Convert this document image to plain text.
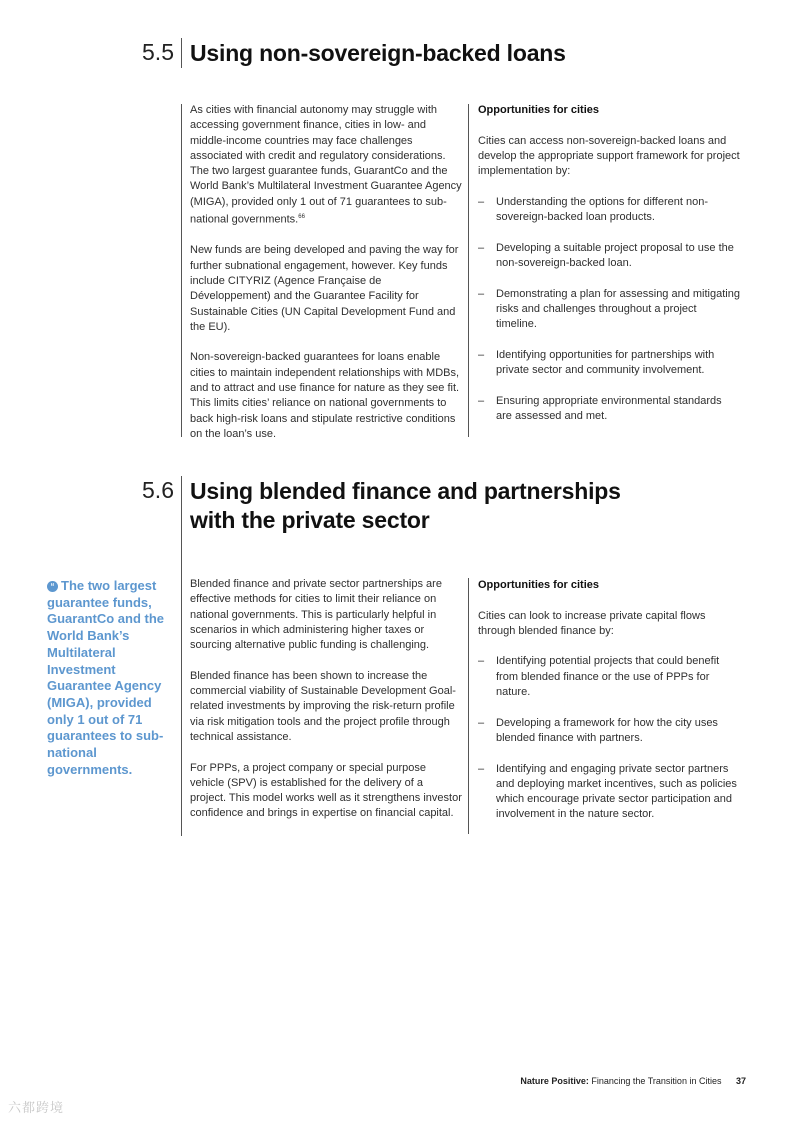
5.5 Using non-sovereign-backed loans

As cities with financial autonomy may struggle with accessing government finance, cities in low- and middle-income countries may face challenges associated with credit and regulatory considerations. The two largest guarantee funds, GuarantCo and the World Bank’s Multilateral Investment Guarantee Agency (MIGA), provided only 1 out of 71 guarantees to sub-national governments.$^{66}$

New funds are being developed and paving the way for further subnational engagement, however. Key funds include CITYRIZ (Agence Française de Développement) and the Guarantee Facility for Sustainable Cities (UN Capital Development Fund and the EU).

Non-sovereign-backed guarantees for loans enable cities to maintain independent relationships with MDBs, and to attract and use finance for nature as they see fit. This limits cities’ reliance on national governments to back high-risk loans and stipulate restrictive conditions on the loan’s use.

Opportunities for cities
Cities can access non-sovereign-backed loans and develop the appropriate support framework for project implementation by:
– Understanding the options for different non-sovereign-backed loan products.
– Developing a suitable project proposal to use the non-sovereign-backed loan.
– Demonstrating a plan for assessing and mitigating risks and challenges throughout a project timeline.
– Identifying opportunities for partnerships with private sector and community involvement.
– Ensuring appropriate environmental standards are assessed and met.
5.6 Using blended finance and partnerships
with the private sector
“ The two largest guarantee funds, GuarantCo and the World Bank’s Multilateral Investment Guarantee Agency (MIGA), provided only 1 out of 71 guarantees to sub-national governments.

Blended finance and private sector partnerships are effective methods for cities to limit their reliance on national governments. This is particularly helpful in scenarios in which administering higher taxes or sourcing alternative public funding is challenging.

Blended finance has been shown to increase the commercial viability of Sustainable Development Goal-related investments by improving the risk-return profile via risk mitigation tools and the project profile through technical assistance.

For PPPs, a project company or special purpose vehicle (SPV) is established for the delivery of a project. This model works well as it strengthens investor confidence and brings in expertise on financial capital.

Opportunities for cities
Cities can look to increase private capital flows through blended finance by:
– Identifying potential projects that could benefit from blended finance or the use of PPPs for nature.
– Developing a framework for how the city uses blended finance with partners.
– Identifying and engaging private sector partners and deploying market incentives, such as policies which encourage private sector participation and involvement in the nature sector.
Nature Positive: Financing the Transition in Cities 37
六都跨境
